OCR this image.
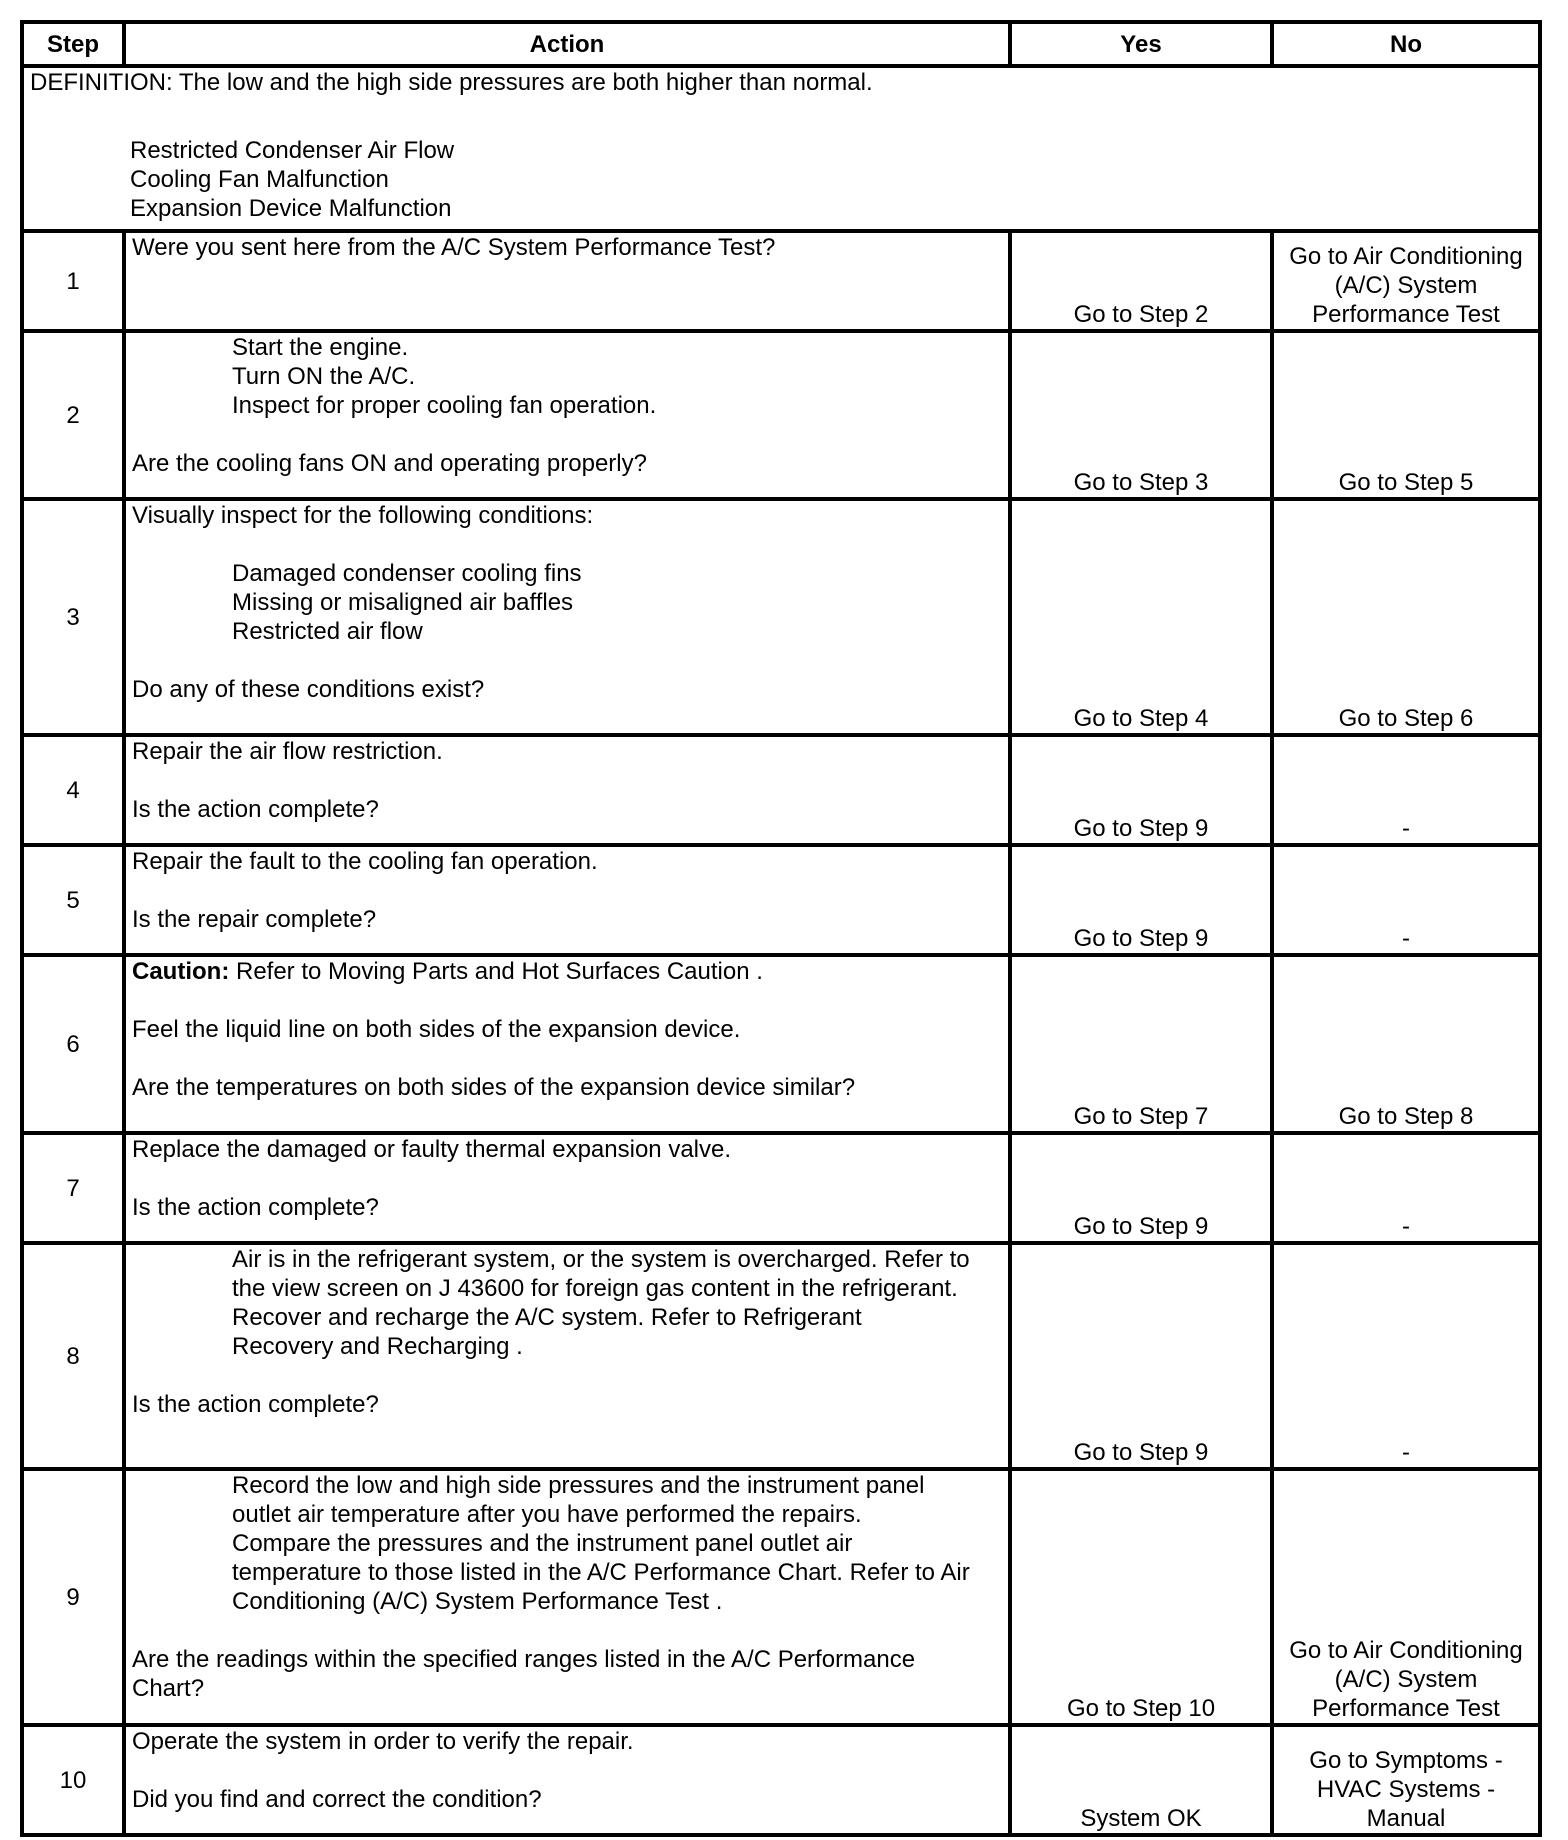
Step	Action	Yes	No

DEFINITION: The low and the high side pressures are both higher than normal.
Restricted Condenser Air Flow
Cooling Fan Malfunction
Expansion Device Malfunction			

1	Were you sent here from the A/C System Performance Test?	Go to Step 2	Go to Air Conditioning (A/C) System Performance Test
2	Start the engine.
Turn ON the A/C.
Inspect for proper cooling fan operation.
Are the cooling fans ON and operating properly?	Go to Step 3	Go to Step 5
3	Visually inspect for the following conditions:
Damaged condenser cooling fins
Missing or misaligned air baffles
Restricted air flow
Do any of these conditions exist?	Go to Step 4	Go to Step 6
4	Repair the air flow restriction.
Is the action complete?	Go to Step 9	-
5	Repair the fault to the cooling fan operation.
Is the repair complete?	Go to Step 9	-
6	Caution: Refer to Moving Parts and Hot Surfaces Caution .
Feel the liquid line on both sides of the expansion device.
Are the temperatures on both sides of the expansion device similar?	Go to Step 7	Go to Step 8
7	Replace the damaged or faulty thermal expansion valve.
Is the action complete?	Go to Step 9	-
8	Air is in the refrigerant system, or the system is overcharged. Refer to the view screen on J 43600 for foreign gas content in the refrigerant.
Recover and recharge the A/C system. Refer to Refrigerant Recovery and Recharging .
Is the action complete?	Go to Step 9	-
9	Record the low and high side pressures and the instrument panel outlet air temperature after you have performed the repairs.
Compare the pressures and the instrument panel outlet air temperature to those listed in the A/C Performance Chart. Refer to Air Conditioning (A/C) System Performance Test .
Are the readings within the specified ranges listed in the A/C Performance Chart?	Go to Step 10	Go to Air Conditioning (A/C) System Performance Test
10	Operate the system in order to verify the repair.
Did you find and correct the condition?	System OK	Go to Symptoms - HVAC Systems - Manual
